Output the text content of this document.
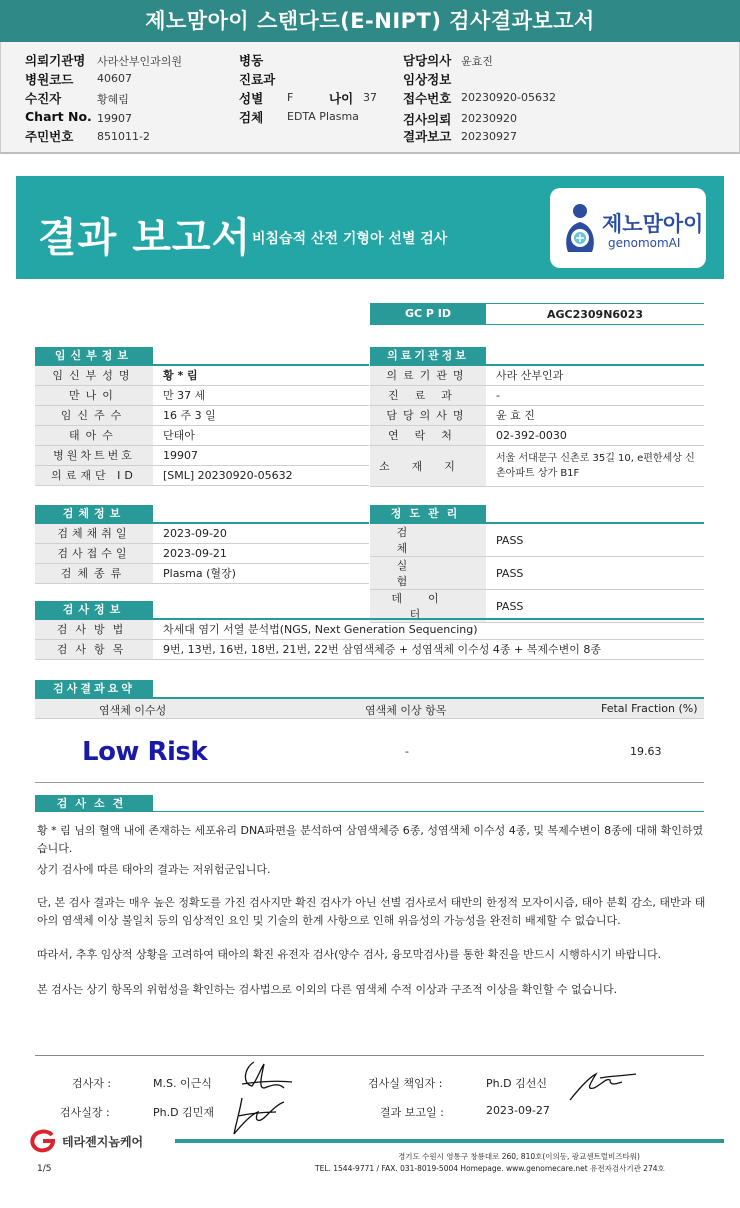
제노맘아이 스탠다드(E-NIPT) 검사결과보고서
의뢰기관명 사라산부인과의원
병원코드 40607
수진자	황혜림
Chart No. 19907
주민번호 851011-2
병동
진료과
성별 F	나이 37
검체 EDTA Plasma
담당의사 윤효진
임상정보
접수번호 20230920-05632
검사의뢰 20230920
결과보고 20230927
결과 보고서 비침습적 산전 기형아 선별 검사
제노맘아이
genomomAI
GC P ID	AGC2309N6023
임신부정보
임신부성명	황 * 림
만나이	만 37 세
임신주수	16 주 3 일
태아수	단태아
병원차트번호	19907
의료재단 ID	[SML] 20230920-05632
의료기관정보
의료기관명	사라 산부인과
진료과	-
담당의사명	윤 효 진
연락처	02-392-0030
소재지	서울 서대문구 신촌로 35길 10, e편한세상 신촌아파트 상가 B1F
검체정보
검체채취일	2023-09-20
검사접수일	2023-09-21
검체종류	Plasma (혈장)
정도관리
검체	PASS
실험	PASS
데이터	PASS
검사정보
검사방법	차세대 염기 서열 분석법(NGS, Next Generation Sequencing)
검사항목	9번, 13번, 16번, 18번, 21번, 22번 삼염색체증 + 성염색체 이수성 4종 + 복제수변이 8종
검사결과요약
염색체 이수성	염색체 이상 항목	Fetal Fraction (%)
Low Risk	-	19.63
검사소견
황 * 림 님의 혈액 내에 존재하는 세포유리 DNA파편을 분석하여 삼염색체증 6종, 성염색체 이수성 4종, 및 복제수변이 8종에 대해 확인하였습니다.
상기 검사에 따른 태아의 결과는 저위험군입니다.
단, 본 검사 결과는 매우 높은 정확도를 가진 검사지만 확진 검사가 아닌 선별 검사로서 태반의 한정적 모자이시즘, 태아 분획 감소, 태반과 태아의 염색체 이상 불일치 등의 임상적인 요인 및 기술의 한계 사항으로 인해 위음성의 가능성을 완전히 배제할 수 없습니다.
따라서, 추후 임상적 상황을 고려하여 태아의 확진 유전자 검사(양수 검사, 융모막검사)를 통한 확진을 반드시 시행하시기 바랍니다.
본 검사는 상기 항목의 위험성을 확인하는 검사법으로 이외의 다른 염색체 수적 이상과 구조적 이상을 확인할 수 없습니다.
검사자 :	M.S. 이근식	검사실 책임자 :	Ph.D 김선신
검사실장 :	Ph.D 김민재	결과 보고일 :	2023-09-27
테라젠지놈케어
경기도 수원시 영통구 창룡대로 260, 810호(이의동, 광교센트럴비즈타워)
TEL. 1544-9771 / FAX. 031-8019-5004 Homepage. www.genomecare.net 유전자검사기관 274호
1/5
